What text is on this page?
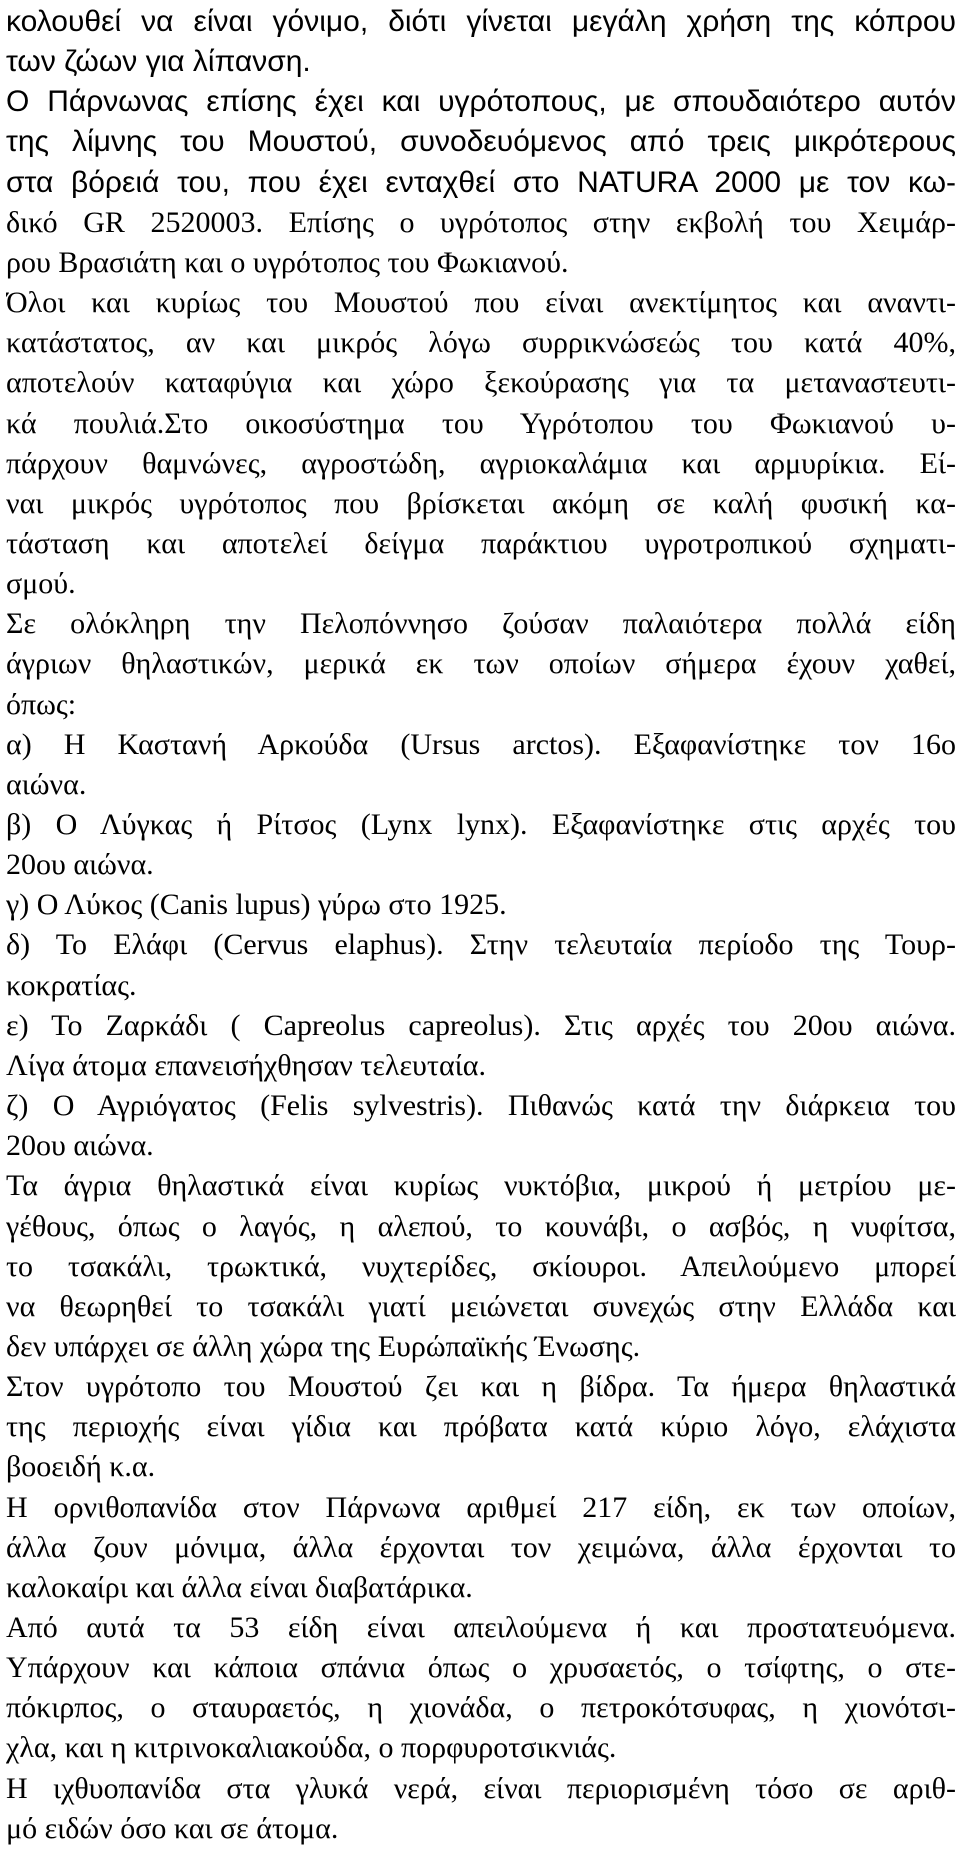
κολουθεί να είναι γόνιμο, διότι γίνεται μεγάλη χρήση της κόπρου
των ζώων για λίπανση.
Ο Πάρνωνας επίσης έχει και υγρότοπους, με σπουδαιότερο αυτόν
της λίμνης του Μουστού, συνοδευόμενος από τρεις μικρότερους
στα βόρειά του, που έχει ενταχθεί στο NATURA 2000 με τον κω-
δικό GR 2520003. Επίσης ο υγρότοπος στην εκβολή του Χειμάρ-
ρου Βρασιάτη και ο υγρότοπος του Φωκιανού.
Όλοι και κυρίως του Μουστού που είναι ανεκτίμητος και αναντι-
κατάστατος, αν και μικρός λόγω συρρικνώσεώς του κατά 40%,
αποτελούν καταφύγια και χώρο ξεκούρασης για τα μεταναστευτι-
κά πουλιά.Στο οικοσύστημα του Υγρότοπου του Φωκιανού υ-
πάρχουν θαμνώνες, αγροστώδη, αγριοκαλάμια και αρμυρίκια. Εί-
ναι μικρός υγρότοπος που βρίσκεται ακόμη σε καλή φυσική κα-
τάσταση και αποτελεί δείγμα παράκτιου υγροτροπικού σχηματι-
σμού.
Σε ολόκληρη την Πελοπόννησο ζούσαν παλαιότερα πολλά είδη
άγριων θηλαστικών, μερικά εκ των οποίων σήμερα έχουν χαθεί,
όπως:
α) Η Καστανή Αρκούδα (Ursus arctos). Εξαφανίστηκε τον 16ο
αιώνα.
β) Ο Λύγκας ή Ρίτσος (Lynx lynx). Εξαφανίστηκε στις αρχές του
20ου αιώνα.
γ) Ο Λύκος (Canis lupus) γύρω στο 1925.
δ) Το Ελάφι (Cervus elaphus). Στην τελευταία περίοδο της Τουρ-
κοκρατίας.
ε) Το Ζαρκάδι ( Capreolus capreolus). Στις αρχές του 20ου αιώνα.
Λίγα άτομα επανεισήχθησαν τελευταία.
ζ) Ο Αγριόγατος (Felis sylvestris). Πιθανώς κατά την διάρκεια του
20ου αιώνα.
Τα άγρια θηλαστικά είναι κυρίως νυκτόβια, μικρού ή μετρίου με-
γέθους, όπως ο λαγός, η αλεπού, το κουνάβι, ο ασβός, η νυφίτσα,
το τσακάλι, τρωκτικά, νυχτερίδες, σκίουροι. Απειλούμενο μπορεί
να θεωρηθεί το τσακάλι γιατί μειώνεται συνεχώς στην Ελλάδα και
δεν υπάρχει σε άλλη χώρα της Ευρώπαϊκής Ένωσης.
Στον υγρότοπο του Μουστού ζει και η βίδρα. Τα ήμερα θηλαστικά
της περιοχής είναι γίδια και πρόβατα κατά κύριο λόγο, ελάχιστα
βοοειδή κ.α.
Η ορνιθοπανίδα στον Πάρνωνα αριθμεί 217 είδη, εκ των οποίων,
άλλα ζουν μόνιμα, άλλα έρχονται τον χειμώνα, άλλα έρχονται το
καλοκαίρι και άλλα είναι διαβατάρικα.
Από αυτά τα 53 είδη είναι απειλούμενα ή και προστατευόμενα.
Υπάρχουν και κάποια σπάνια όπως ο χρυσαετός, ο τσίφτης, ο στε-
πόκιρπος, ο σταυραετός, η χιονάδα, ο πετροκότσυφας, η χιονότσι-
χλα, και η κιτρινοκαλιακούδα, ο πορφυροτσικνιάς.
Η ιχθυοπανίδα στα γλυκά νερά, είναι περιορισμένη τόσο σε αριθ-
μό ειδών όσο και σε άτομα.
